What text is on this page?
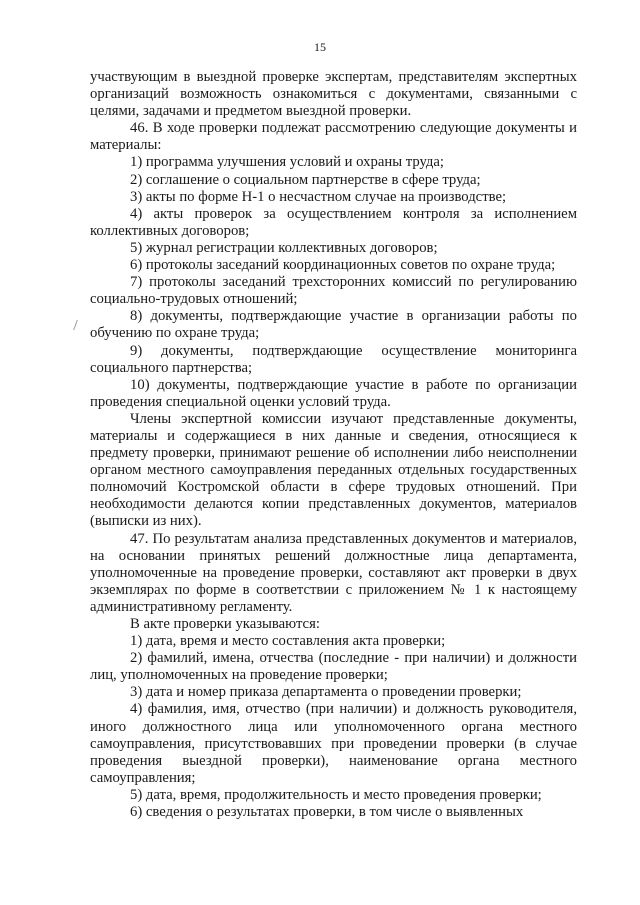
15

участвующим в выездной проверке экспертам, представителям экспертных организаций возможность ознакомиться с документами, связанными с целями, задачами и предметом выездной проверки.

46. В ходе проверки подлежат рассмотрению следующие документы и материалы:

1) программа улучшения условий и охраны труда;

2) соглашение о социальном партнерстве в сфере труда;

3) акты по форме Н-1 о несчастном случае на производстве;

4) акты проверок за осуществлением контроля за исполнением коллективных договоров;

5) журнал регистрации коллективных договоров;

6) протоколы заседаний координационных советов по охране труда;

7) протоколы заседаний трехсторонних комиссий по регулированию социально-трудовых отношений;

8) документы, подтверждающие участие в организации работы по обучению по охране труда;

9) документы, подтверждающие осуществление мониторинга социального партнерства;

10) документы, подтверждающие участие в работе по организации проведения специальной оценки условий труда.

Члены экспертной комиссии изучают представленные документы, материалы и содержащиеся в них данные и сведения, относящиеся к предмету проверки, принимают решение об исполнении либо неисполнении органом местного самоуправления переданных отдельных государственных полномочий Костромской области в сфере трудовых отношений. При необходимости делаются копии представленных документов, материалов (выписки из них).

47. По результатам анализа представленных документов и материалов, на основании принятых решений должностные лица департамента, уполномоченные на проведение проверки, составляют акт проверки в двух экземплярах по форме в соответствии с приложением № 1 к настоящему административному регламенту.

В акте проверки указываются:

1) дата, время и место составления акта проверки;

2) фамилий, имена, отчества (последние - при наличии) и должности лиц, уполномоченных на проведение проверки;

3) дата и номер приказа департамента о проведении проверки;

4) фамилия, имя, отчество (при наличии) и должность руководителя, иного должностного лица или уполномоченного органа местного самоуправления, присутствовавших при проведении проверки (в случае проведения выездной проверки), наименование органа местного самоуправления;

5) дата, время, продолжительность и место проведения проверки;

6) сведения о результатах проверки, в том числе о выявленных
